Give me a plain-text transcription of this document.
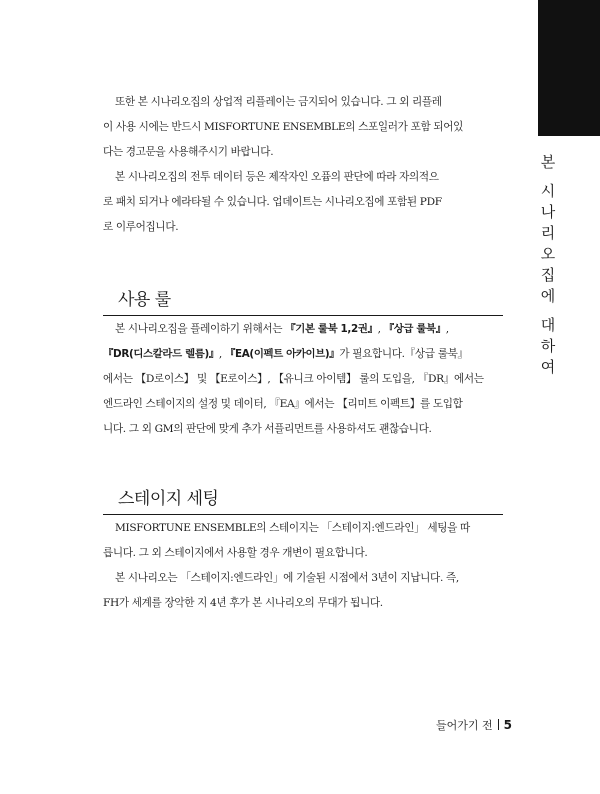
본
시
나
리
오
집
에
대
하
여
또한 본 시나리오집의 상업적 리플레이는 금지되어 있습니다. 그 외 리플레
이 사용 시에는 반드시 MISFORTUNE ENSEMBLE의 스포일러가 포함 되어있
다는 경고문을 사용해주시기 바랍니다.
본 시나리오집의 전투 데이터 등은 제작자인 오퓸의 판단에 따라 자의적으
로 패치 되거나 에라타될 수 있습니다. 업데이트는 시나리오집에 포함된 PDF
로 이루어집니다.
사용 룰
본 시나리오집을 플레이하기 위해서는 『기본 룰북 1,2권』, 『상급 룰북』,
『DR(디스칼라드 렐름)』, 『EA(이펙트 아카이브)』가 필요합니다.『상급 룰북』
에서는 【D로이스】 및 【E로이스】, 【유니크 아이템】 룰의 도입을, 『DR』에서는
엔드라인 스테이지의 설정 및 데이터, 『EA』에서는 【리미트 이펙트】를 도입합
니다. 그 외 GM의 판단에 맞게 추가 서플리먼트를 사용하셔도 괜찮습니다.
스테이지 세팅
MISFORTUNE ENSEMBLE의 스테이지는 「스테이지:엔드라인」 세팅을 따
릅니다. 그 외 스테이지에서 사용할 경우 개변이 필요합니다.
본 시나리오는 「스테이지:엔드라인」에 기술된 시점에서 3년이 지납니다. 즉,
FH가 세계를 장악한 지 4년 후가 본 시나리오의 무대가 됩니다.
들어가기 전 5
